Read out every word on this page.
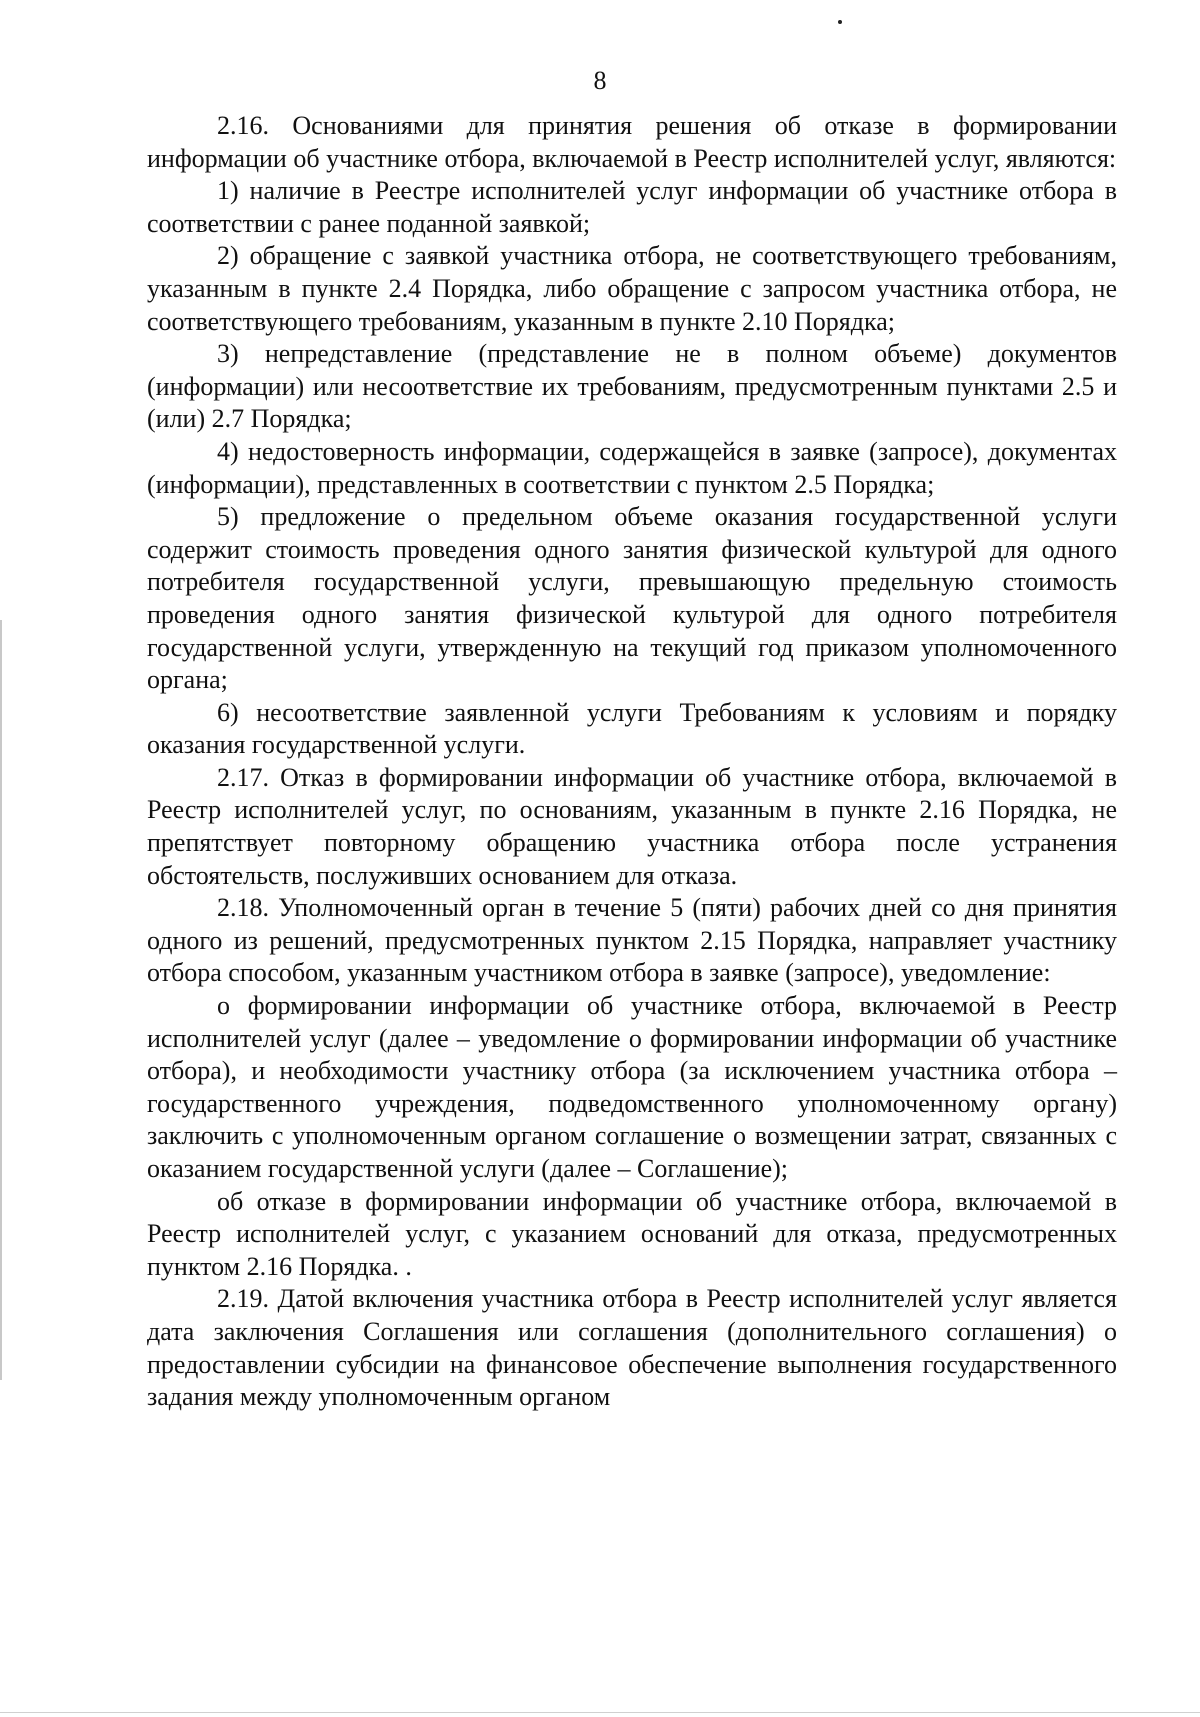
8

2.16. Основаниями для принятия решения об отказе в формировании информации об участнике отбора, включаемой в Реестр исполнителей услуг, являются:

1) наличие в Реестре исполнителей услуг информации об участнике отбора в соответствии с ранее поданной заявкой;

2) обращение с заявкой участника отбора, не соответствующего требованиям, указанным в пункте 2.4 Порядка, либо обращение с запросом участника отбора, не соответствующего требованиям, указанным в пункте 2.10 Порядка;

3) непредставление (представление не в полном объеме) документов (информации) или несоответствие их требованиям, предусмотренным пунктами 2.5 и (или) 2.7 Порядка;

4) недостоверность информации, содержащейся в заявке (запросе), документах (информации), представленных в соответствии с пунктом 2.5 Порядка;

5) предложение о предельном объеме оказания государственной услуги содержит стоимость проведения одного занятия физической культурой для одного потребителя государственной услуги, превышающую предельную стоимость проведения одного занятия физической культурой для одного потребителя государственной услуги, утвержденную на текущий год приказом уполномоченного органа;

6) несоответствие заявленной услуги Требованиям к условиям и порядку оказания государственной услуги.

2.17. Отказ в формировании информации об участнике отбора, включаемой в Реестр исполнителей услуг, по основаниям, указанным в пункте 2.16 Порядка, не препятствует повторному обращению участника отбора после устранения обстоятельств, послуживших основанием для отказа.

2.18. Уполномоченный орган в течение 5 (пяти) рабочих дней со дня принятия одного из решений, предусмотренных пунктом 2.15 Порядка, направляет участнику отбора способом, указанным участником отбора в заявке (запросе), уведомление:

о формировании информации об участнике отбора, включаемой в Реестр исполнителей услуг (далее – уведомление о формировании информации об участнике отбора), и необходимости участнику отбора (за исключением участника отбора – государственного учреждения, подведомственного уполномоченному органу) заключить с уполномоченным органом соглашение о возмещении затрат, связанных с оказанием государственной услуги (далее – Соглашение);

об отказе в формировании информации об участнике отбора, включаемой в Реестр исполнителей услуг, с указанием оснований для отказа, предусмотренных пунктом 2.16 Порядка. .

2.19. Датой включения участника отбора в Реестр исполнителей услуг является дата заключения Соглашения или соглашения (дополнительного соглашения) о предоставлении субсидии на финансовое обеспечение выполнения государственного задания между уполномоченным органом
